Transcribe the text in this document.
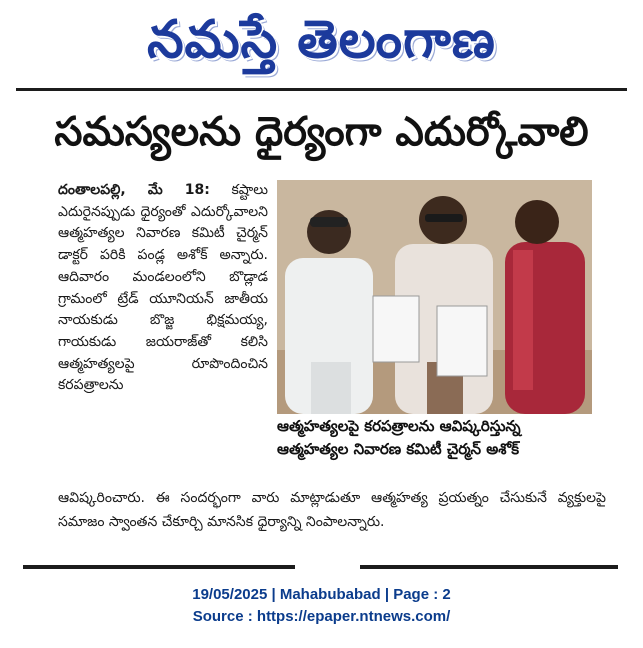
నమస్తే తెలంగాణ
సమస్యలను ధైర్యంగా ఎదుర్కోవాలి
దంతాలపల్లి, మే 18: కష్టాలు ఎదురైనప్పుడు ధైర్యంతో ఎదుర్కోవాలని ఆత్మహత్యల నివారణ కమిటీ చైర్మన్ డాక్టర్ పరికి పండ్ల అశోక్ అన్నారు. ఆదివారం మండలంలోని బొడ్లాడ గ్రామంలో ట్రేడ్ యూనియన్ జాతీయ నాయకుడు బొజ్జ భిక్షమయ్య, గాయకుడు జయరాజ్‌తో కలిసి ఆత్మహత్యలపై రూపొందించిన కరపత్రాలను
ఆత్మహత్యలపై కరపత్రాలను ఆవిష్కరిస్తున్న
ఆత్మహత్యల నివారణ కమిటీ చైర్మన్ అశోక్
ఆవిష్కరించారు. ఈ సందర్భంగా వారు మాట్లాడుతూ ఆత్మహత్య ప్రయత్నం చేసుకునే వ్యక్తులపై సమాజం స్వాంతన చేకూర్చి మానసిక ధైర్యాన్ని నింపాలన్నారు.
19/05/2025 | Mahabubabad | Page : 2
Source : https://epaper.ntnews.com/
